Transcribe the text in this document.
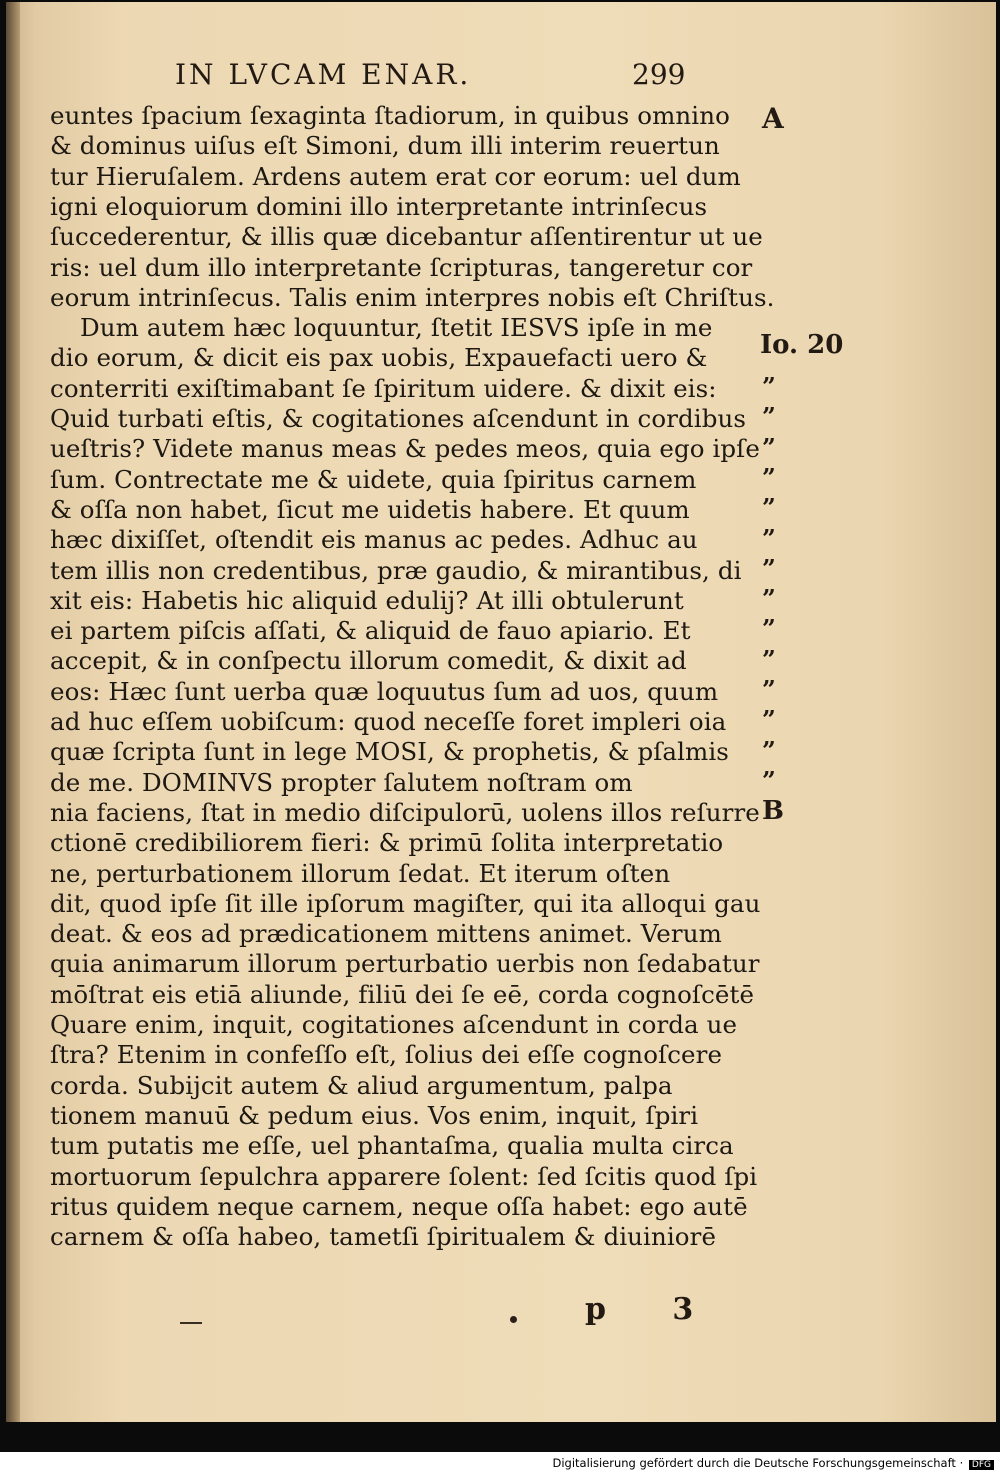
IN LVCAM ENAR.	299
euntes ſpacium ſexaginta ſtadiorum, in quibus omnino
& dominus uiſus eſt Simoni, dum illi interim reuertun
tur Hieruſalem. Ardens autem erat cor eorum: uel dum
igni eloquiorum domini illo interpretante intrinſecus
ſuccederentur, & illis quæ dicebantur aſſentirentur ut ue
ris: uel dum illo interpretante ſcripturas, tangeretur cor
eorum intrinſecus. Talis enim interpres nobis eſt Chriſtus.
Dum autem hæc loquuntur, ſtetit IESVS ipſe in me
dio eorum, & dicit eis pax uobis, Expauefacti uero &
conterriti exiſtimabant ſe ſpiritum uidere. & dixit eis:
Quid turbati eſtis, & cogitationes aſcendunt in cordibus
ueſtris? Videte manus meas & pedes meos, quia ego ipſe
ſum. Contrectate me & uidete, quia ſpiritus carnem
& oſſa non habet, ſicut me uidetis habere. Et quum
hæc dixiſſet, oſtendit eis manus ac pedes. Adhuc au
tem illis non credentibus, præ gaudio, & mirantibus, di
xit eis: Habetis hic aliquid edulij? At illi obtulerunt
ei partem piſcis aſſati, & aliquid de fauo apiario. Et
accepit, & in conſpectu illorum comedit, & dixit ad
eos: Hæc ſunt uerba quæ loquutus ſum ad uos, quum
ad huc eſſem uobiſcum: quod neceſſe foret impleri oia
quæ ſcripta ſunt in lege MOSI, & prophetis, & pſalmis
de me. DOMINVS propter ſalutem noſtram om
nia faciens, ſtat in medio diſcipulorū, uolens illos reſurre
ctionē credibiliorem fieri: & primū ſolita interpretatio
ne, perturbationem illorum ſedat. Et iterum oſten
dit, quod ipſe ſit ille ipſorum magiſter, qui ita alloqui gau
deat. & eos ad prædicationem mittens animet. Verum
quia animarum illorum perturbatio uerbis non ſedabatur
mōſtrat eis etiā aliunde, filiū dei ſe eē, corda cognoſcētē
Quare enim, inquit, cogitationes aſcendunt in corda ue
ſtra? Etenim in confeſſo eſt, ſolius dei eſſe cognoſcere
corda. Subijcit autem & aliud argumentum, palpa
tionem manuū & pedum eius. Vos enim, inquit, ſpiri
tum putatis me eſſe, uel phantaſma, qualia multa circa
mortuorum ſepulchra apparere ſolent: ſed ſcitis quod ſpi
ritus quidem neque carnem, neque oſſa habet: ego autē
carnem & oſſa habeo, tametſi ſpiritualem & diuiniorē
A
Io. 20
B
”
”
”
”
”
”
”
”
”
”
”
”
”
”
p 3
Digitalisierung gefördert durch die Deutsche Forschungsgemeinschaft · DFG
